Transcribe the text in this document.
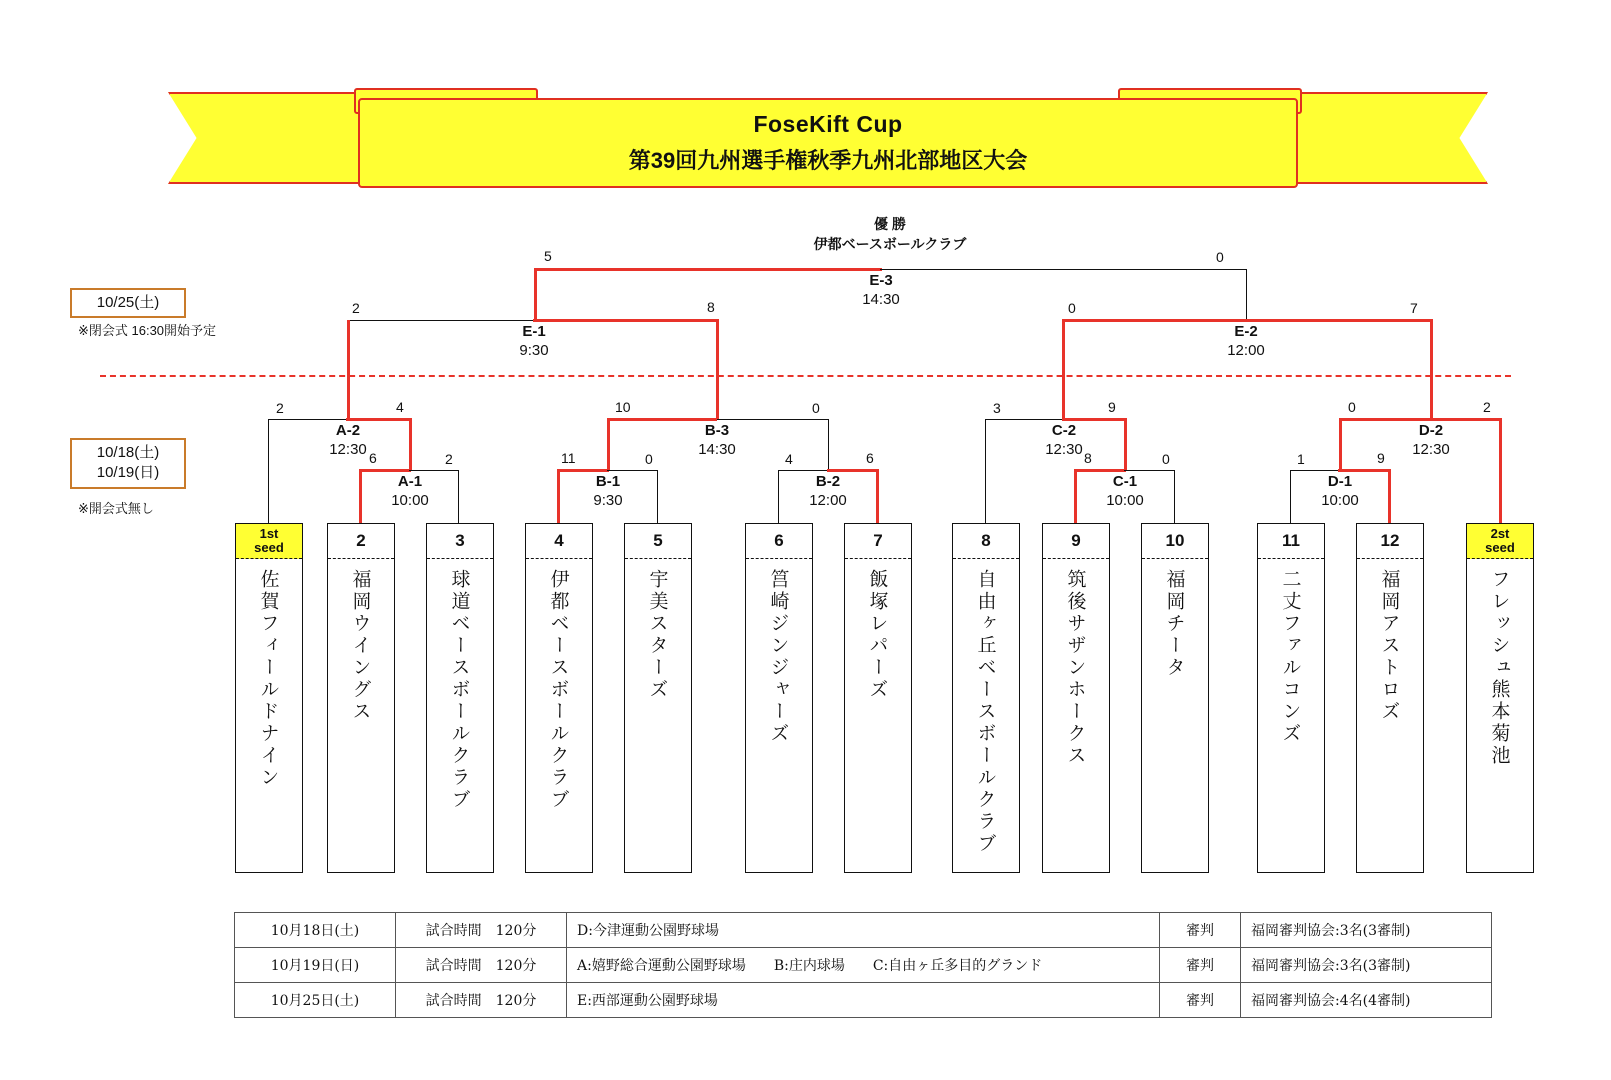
FoseKift Cup
第39回九州選手権秋季九州北部地区大会
優 勝
伊都ベースボールクラブ
10/25(土)
※閉会式 16:30開始予定
10/18(土)
10/19(日)
※開会式無し
E-3
14:30
E-1
9:30
E-2
12:00
A-2
12:30
B-3
14:30
C-2
12:30
D-2
12:30
A-1
10:00
B-1
9:30
B-2
12:00
C-1
10:00
D-1
10:00
5	0
2	8	0	7
2	4	10	0	3	9	0	2
6	2	11	0	4	6	8	0	1	9
1st
seed
佐賀フィールドナイン
2
福岡ウイングス
3
球道ベースボールクラブ
4
伊都ベースボールクラブ
5
宇美スターズ
6
筥崎ジンジャーズ
7
飯塚レパーズ
8
自由ヶ丘ベースボールクラブ
9
筑後サザンホークス
10
福岡チータ
11
二丈ファルコンズ
12
福岡アストロズ
2st
seed
フレッシュ熊本菊池
10月18日(土)	試合時間　120分	D:今津運動公園野球場	審判	福岡審判協会:3名(3審制)
10月19日(日)	試合時間　120分	A:嬉野総合運動公園野球場　　B:庄内球場　　C:自由ヶ丘多目的グランド	審判	福岡審判協会:3名(3審制)
10月25日(土)	試合時間　120分	E:西部運動公園野球場	審判	福岡審判協会:4名(4審制)
